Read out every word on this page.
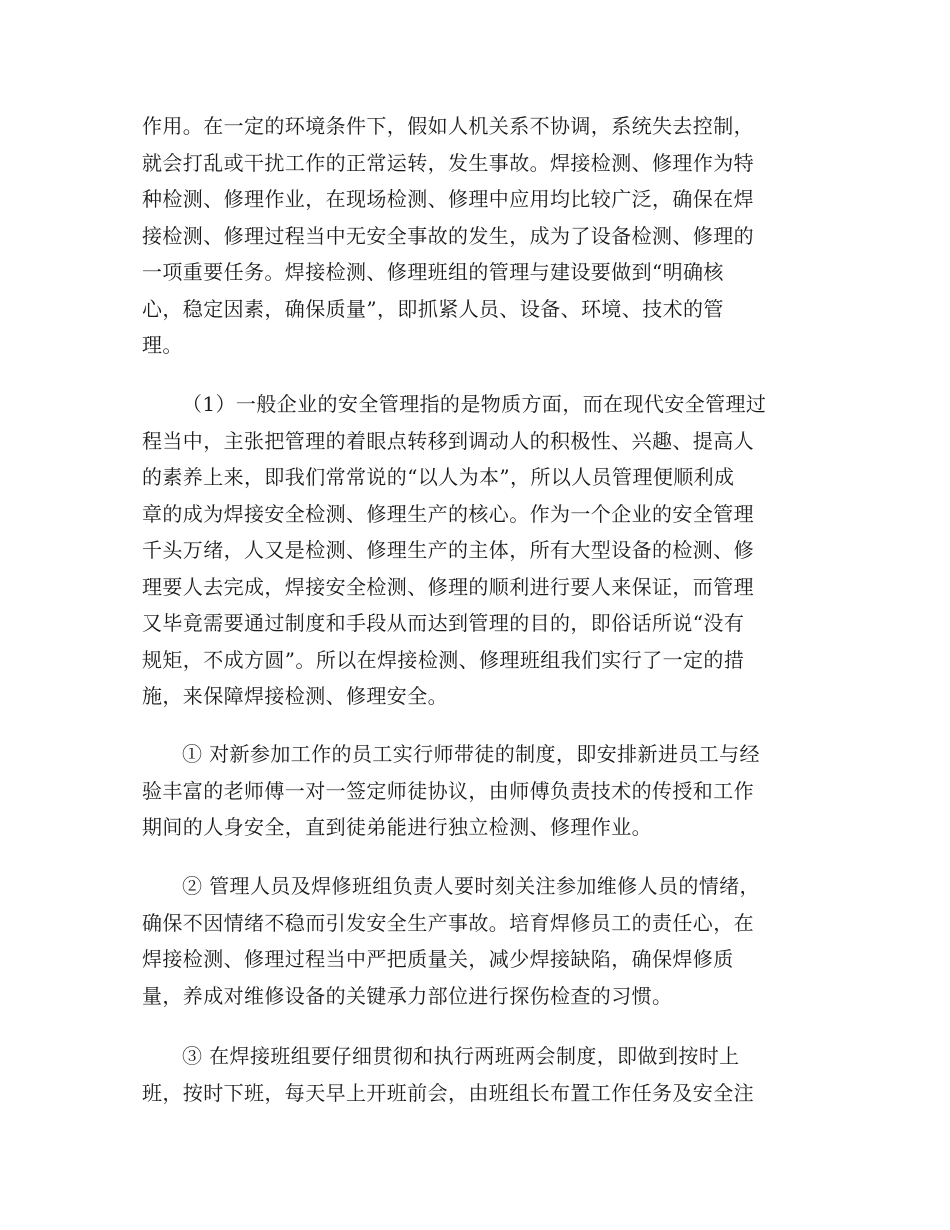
作用。在一定的环境条件下，假如人机关系不协调，系统失去控制，
就会打乱或干扰工作的正常运转，发生事故。焊接检测、修理作为特
种检测、修理作业，在现场检测、修理中应用均比较广泛，确保在焊
接检测、修理过程当中无安全事故的发生，成为了设备检测、修理的
一项重要任务。焊接检测、修理班组的管理与建设要做到“明确核
心，稳定因素，确保质量”，即抓紧人员、设备、环境、技术的管
理。
（1）一般企业的安全管理指的是物质方面，而在现代安全管理过
程当中，主张把管理的着眼点转移到调动人的积极性、兴趣、提高人
的素养上来，即我们常常说的“以人为本”，所以人员管理便顺利成
章的成为焊接安全检测、修理生产的核心。作为一个企业的安全管理
千头万绪，人又是检测、修理生产的主体，所有大型设备的检测、修
理要人去完成，焊接安全检测、修理的顺利进行要人来保证，而管理
又毕竟需要通过制度和手段从而达到管理的目的，即俗话所说“没有
规矩，不成方圆”。所以在焊接检测、修理班组我们实行了一定的措
施，来保障焊接检测、修理安全。
① 对新参加工作的员工实行师带徒的制度，即安排新进员工与经
验丰富的老师傅一对一签定师徒协议，由师傅负责技术的传授和工作
期间的人身安全，直到徒弟能进行独立检测、修理作业。
② 管理人员及焊修班组负责人要时刻关注参加维修人员的情绪，
确保不因情绪不稳而引发安全生产事故。培育焊修员工的责任心，在
焊接检测、修理过程当中严把质量关，减少焊接缺陷，确保焊修质
量，养成对维修设备的关键承力部位进行探伤检查的习惯。
③ 在焊接班组要仔细贯彻和执行两班两会制度，即做到按时上
班，按时下班，每天早上开班前会，由班组长布置工作任务及安全注
